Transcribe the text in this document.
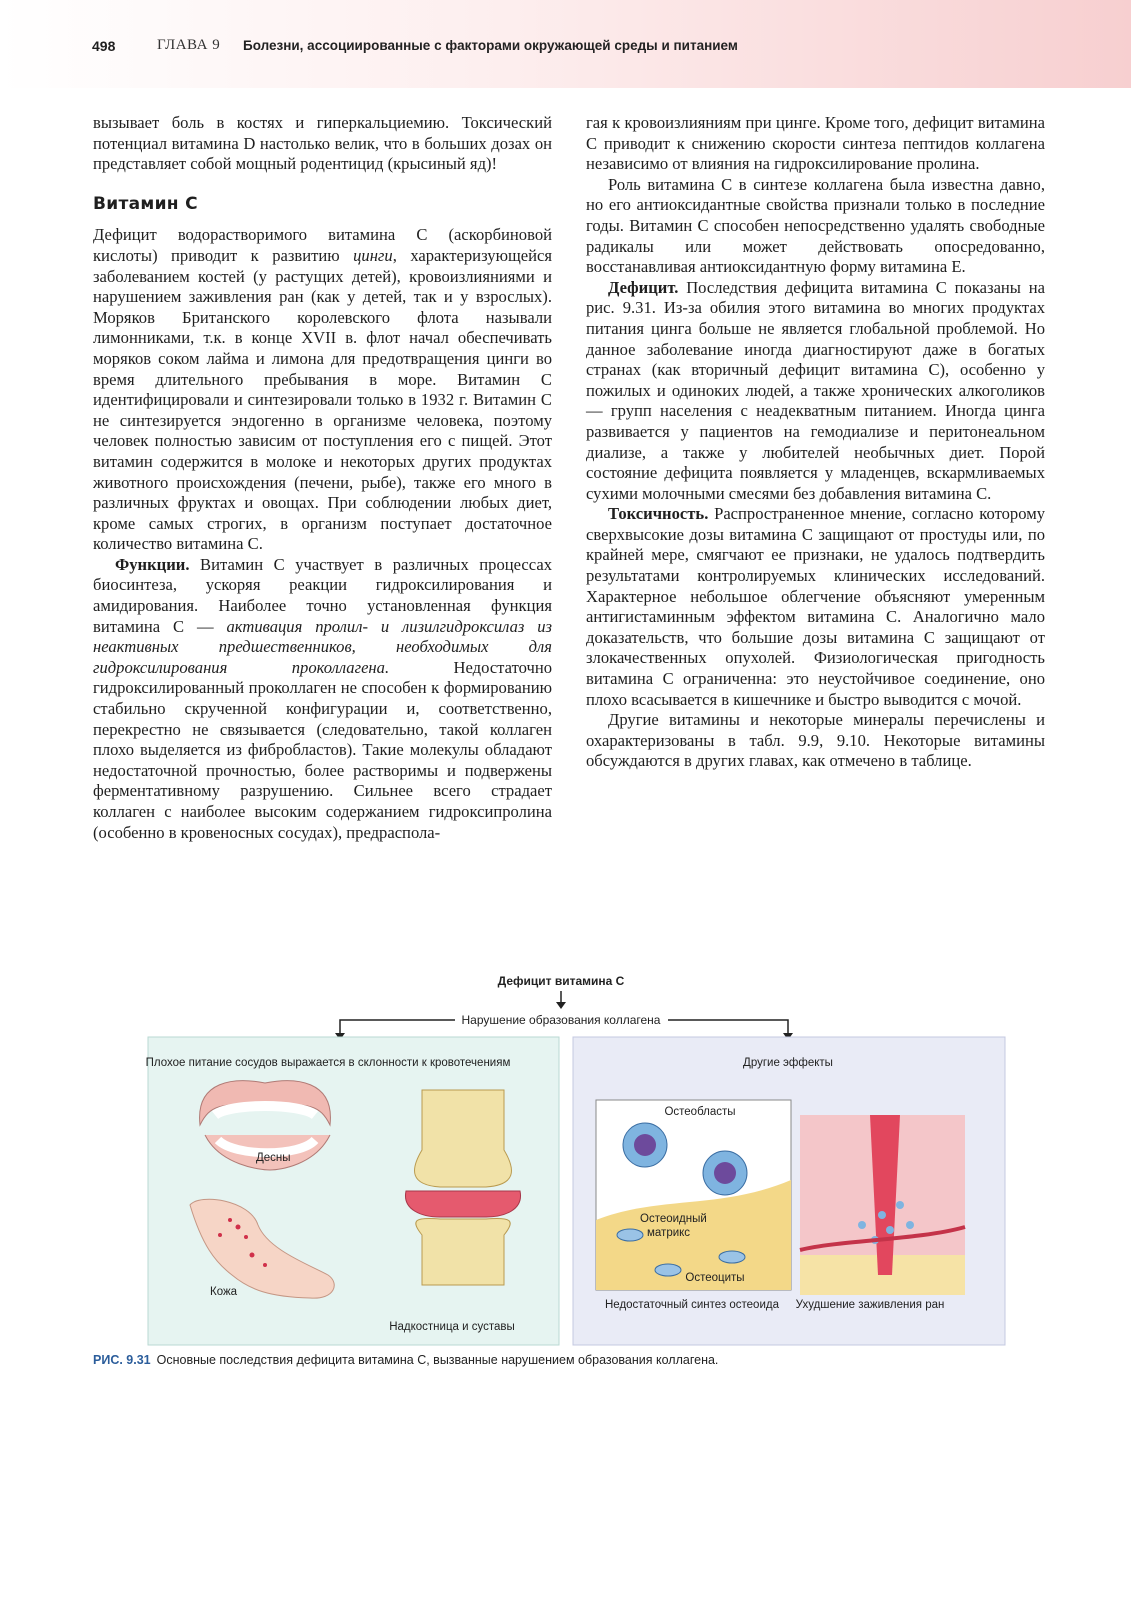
498	ГЛАВА 9 Болезни, ассоциированные с факторами окружающей среды и питанием

вызывает боль в костях и гиперкальциемию. Токсический потенциал витамина D настолько велик, что в больших дозах он представляет собой мощный родентицид (крысиный яд)!

Витамин С

Дефицит водорастворимого витамина С (аскорбиновой кислоты) приводит к развитию цинги, характеризующейся заболеванием костей (у растущих детей), кровоизлияниями и нарушением заживления ран (как у детей, так и у взрослых). Моряков Британского королевского флота называли лимонниками, т.к. в конце XVII в. флот начал обеспечивать моряков соком лайма и лимона для предотвращения цинги во время длительного пребывания в море. Витамин С идентифицировали и синтезировали только в 1932 г. Витамин С не синтезируется эндогенно в организме человека, поэтому человек полностью зависим от поступления его с пищей. Этот витамин содержится в молоке и некоторых других продуктах животного происхождения (печени, рыбе), также его много в различных фруктах и овощах. При соблюдении любых диет, кроме самых строгих, в организм поступает достаточное количество витамина С.

Функции. Витамин С участвует в различных процессах биосинтеза, ускоряя реакции гидроксилирования и амидирования. Наиболее точно установленная функция витамина С — активация пролил- и лизилгидроксилаз из неактивных предшественников, необходимых для гидроксилирования проколлагена. Недостаточно гидроксилированный проколлаген не способен к формированию стабильно скрученной конфигурации и, соответственно, перекрестно не связывается (следовательно, такой коллаген плохо выделяется из фибробластов). Такие молекулы обладают недостаточной прочностью, более растворимы и подвержены ферментативному разрушению. Сильнее всего страдает коллаген с наиболее высоким содержанием гидроксипролина (особенно в кровеносных сосудах), предраспола-

гая к кровоизлияниям при цинге. Кроме того, дефицит витамина С приводит к снижению скорости синтеза пептидов коллагена независимо от влияния на гидроксилирование пролина.

Роль витамина С в синтезе коллагена была известна давно, но его антиоксидантные свойства признали только в последние годы. Витамин С способен непосредственно удалять свободные радикалы или может действовать опосредованно, восстанавливая антиоксидантную форму витамина Е.

Дефицит. Последствия дефицита витамина С показаны на рис. 9.31. Из-за обилия этого витамина во многих продуктах питания цинга больше не является глобальной проблемой. Но данное заболевание иногда диагностируют даже в богатых странах (как вторичный дефицит витамина С), особенно у пожилых и одиноких людей, а также хронических алкоголиков — групп населения с неадекватным питанием. Иногда цинга развивается у пациентов на гемодиализе и перитонеальном диализе, а также у любителей необычных диет. Порой состояние дефицита появляется у младенцев, вскармливаемых сухими молочными смесями без добавления витамина С.

Токсичность. Распространенное мнение, согласно которому сверхвысокие дозы витамина С защищают от простуды или, по крайней мере, смягчают ее признаки, не удалось подтвердить результатами контролируемых клинических исследований. Характерное небольшое облегчение объясняют умеренным антигистаминным эффектом витамина С. Аналогично мало доказательств, что большие дозы витамина С защищают от злокачественных опухолей. Физиологическая пригодность витамина С ограниченна: это неустойчивое соединение, оно плохо всасывается в кишечнике и быстро выводится с мочой.

Другие витамины и некоторые минералы перечислены и охарактеризованы в табл. 9.9, 9.10. Некоторые витамины обсуждаются в других главах, как отмечено в таблице.

Дефицит витамина С
Нарушение образования коллагена
Плохое питание сосудов выражается в склонности к кровотечениям
Десны
Кожа
Надкостница и суставы
Другие эффекты
Остеобласты
Остеоидный
матрикс
Остеоциты
Недостаточный синтез остеоида Ухудшение заживления ран
РИС. 9.31 Основные последствия дефицита витамина С, вызванные нарушением образования коллагена.
